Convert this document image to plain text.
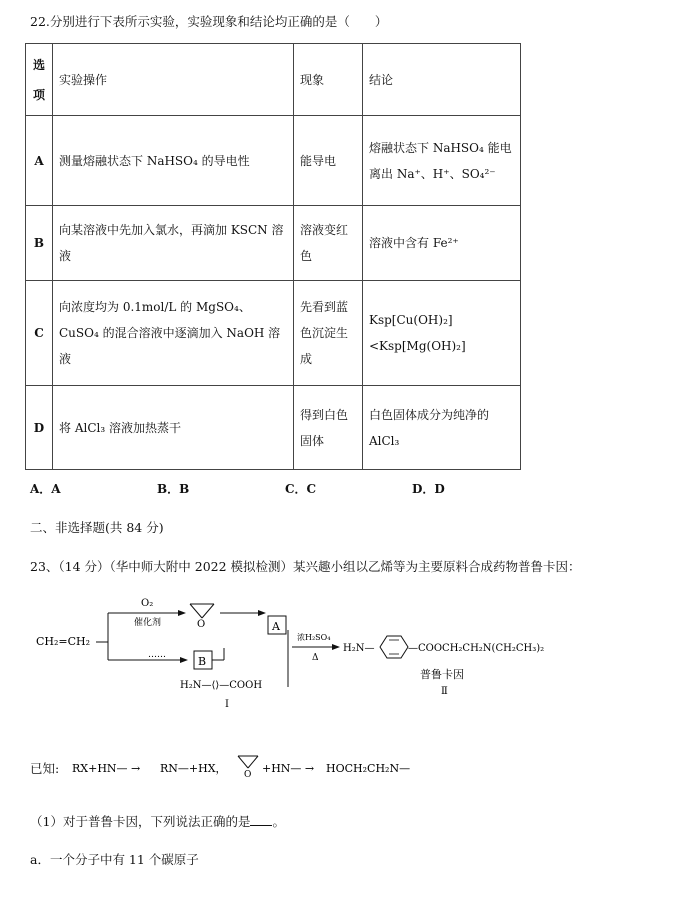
22.分别进行下表所示实验，实验现象和结论均正确的是（　　）
选项	实验操作	现象	结论
A	测量熔融状态下 NaHSO₄ 的导电性	能导电	熔融状态下 NaHSO₄ 能电离出 Na⁺、H⁺、SO₄²⁻
B	向某溶液中先加入氯水，再滴加 KSCN 溶液	溶液变红色	溶液中含有 Fe²⁺
C	向浓度均为 0.1mol/L 的 MgSO₄、CuSO₄ 的混合溶液中逐滴加入 NaOH 溶液	先看到蓝色沉淀生成	Ksp[Cu(OH)₂]<Ksp[Mg(OH)₂]
D	将 AlCl₃ 溶液加热蒸干	得到白色固体	白色固体成分为纯净的 AlCl₃
A．A	B．B	C．C	D．D
二、非选择题(共 84 分)
23、（14 分）（华中师大附中 2022 模拟检测）某兴趣小组以乙烯等为主要原料合成药物普鲁卡因：
CH₂=CH₂
O₂
催化剂	O	A
……	B
H₂N—⟨⟩—COOH
I
浓H₂SO₄
Δ
H₂N—	—COOCH₂CH₂N(CH₂CH₃)₂
普鲁卡因
Ⅱ
已知: RX+HN— → RN—+HX， O +HN— → HOCH₂CH₂N—
（1）对于普鲁卡因，下列说法正确的是 。
a．一个分子中有 11 个碳原子
